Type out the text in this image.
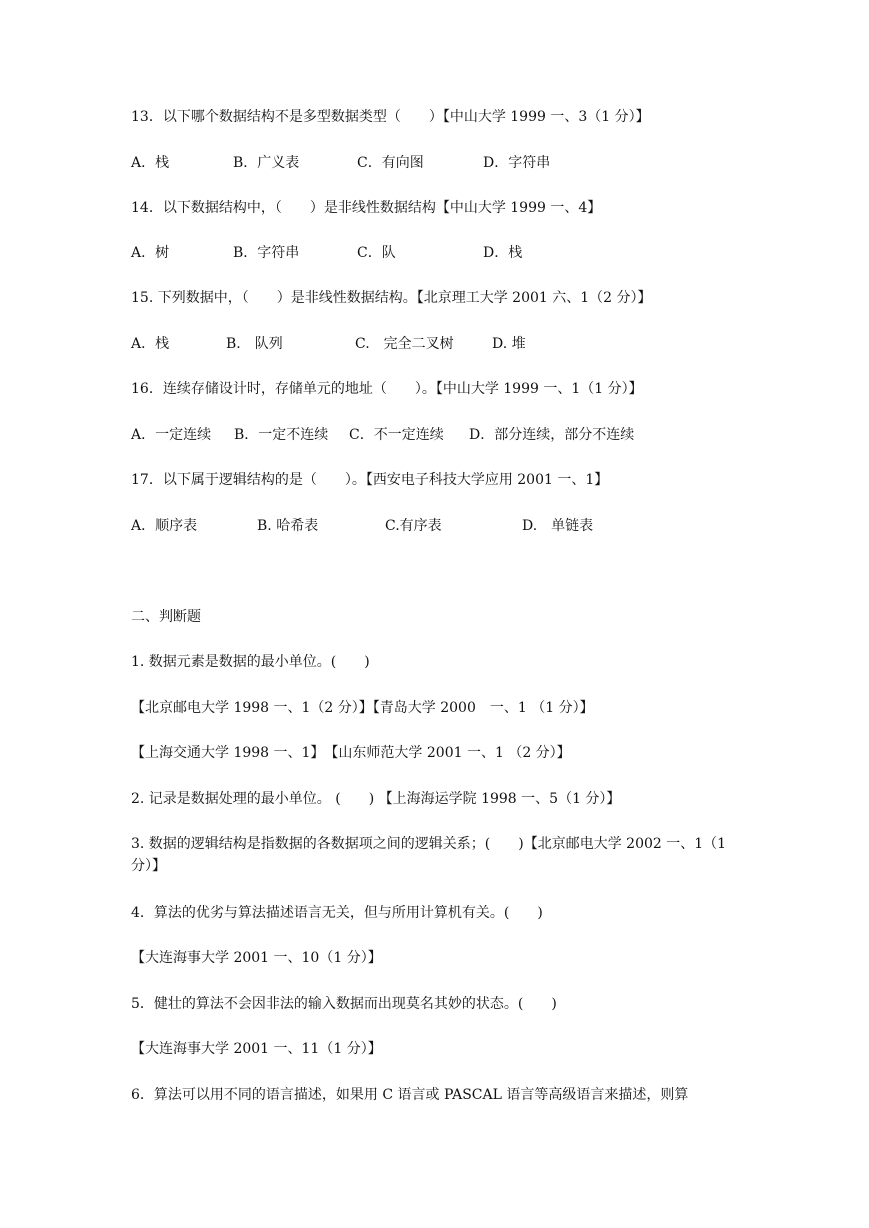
13．以下哪个数据结构不是多型数据类型（　　）【中山大学 1999 一、3（1 分）】
A．栈	B．广义表	C．有向图	D．字符串
14．以下数据结构中，（　　）是非线性数据结构【中山大学 1999 一、4】
A．树	B．字符串	C．队	D．栈
15. 下列数据中，（　　）是非线性数据结构。【北京理工大学 2001 六、1（2 分）】
A．栈	B.　队列	C.　完全二叉树	D. 堆
16．连续存储设计时，存储单元的地址（　　）。【中山大学 1999 一、1（1 分）】
A．一定连续 B．一定不连续 C．不一定连续 D．部分连续，部分不连续
17．以下属于逻辑结构的是（　　）。【西安电子科技大学应用 2001 一、1】
A．顺序表	B. 哈希表	C.有序表	D.　单链表
二、判断题
1. 数据元素是数据的最小单位。(　　)
【北京邮电大学 1998 一、1（2 分）】【青岛大学 2000　一、1 （1 分）】
【上海交通大学 1998 一、1】　【山东师范大学 2001 一、1 （2 分）】
2. 记录是数据处理的最小单位。 (　　) 【上海海运学院 1998 一、5（1 分）】
3. 数据的逻辑结构是指数据的各数据项之间的逻辑关系；(　　)【北京邮电大学 2002 一、1（1 分）】
4．算法的优劣与算法描述语言无关，但与所用计算机有关。(　　)
【大连海事大学 2001 一、10（1 分）】
5．健壮的算法不会因非法的输入数据而出现莫名其妙的状态。(　　)
【大连海事大学 2001 一、11（1 分）】
6．算法可以用不同的语言描述，如果用 C 语言或 PASCAL 语言等高级语言来描述，则算
